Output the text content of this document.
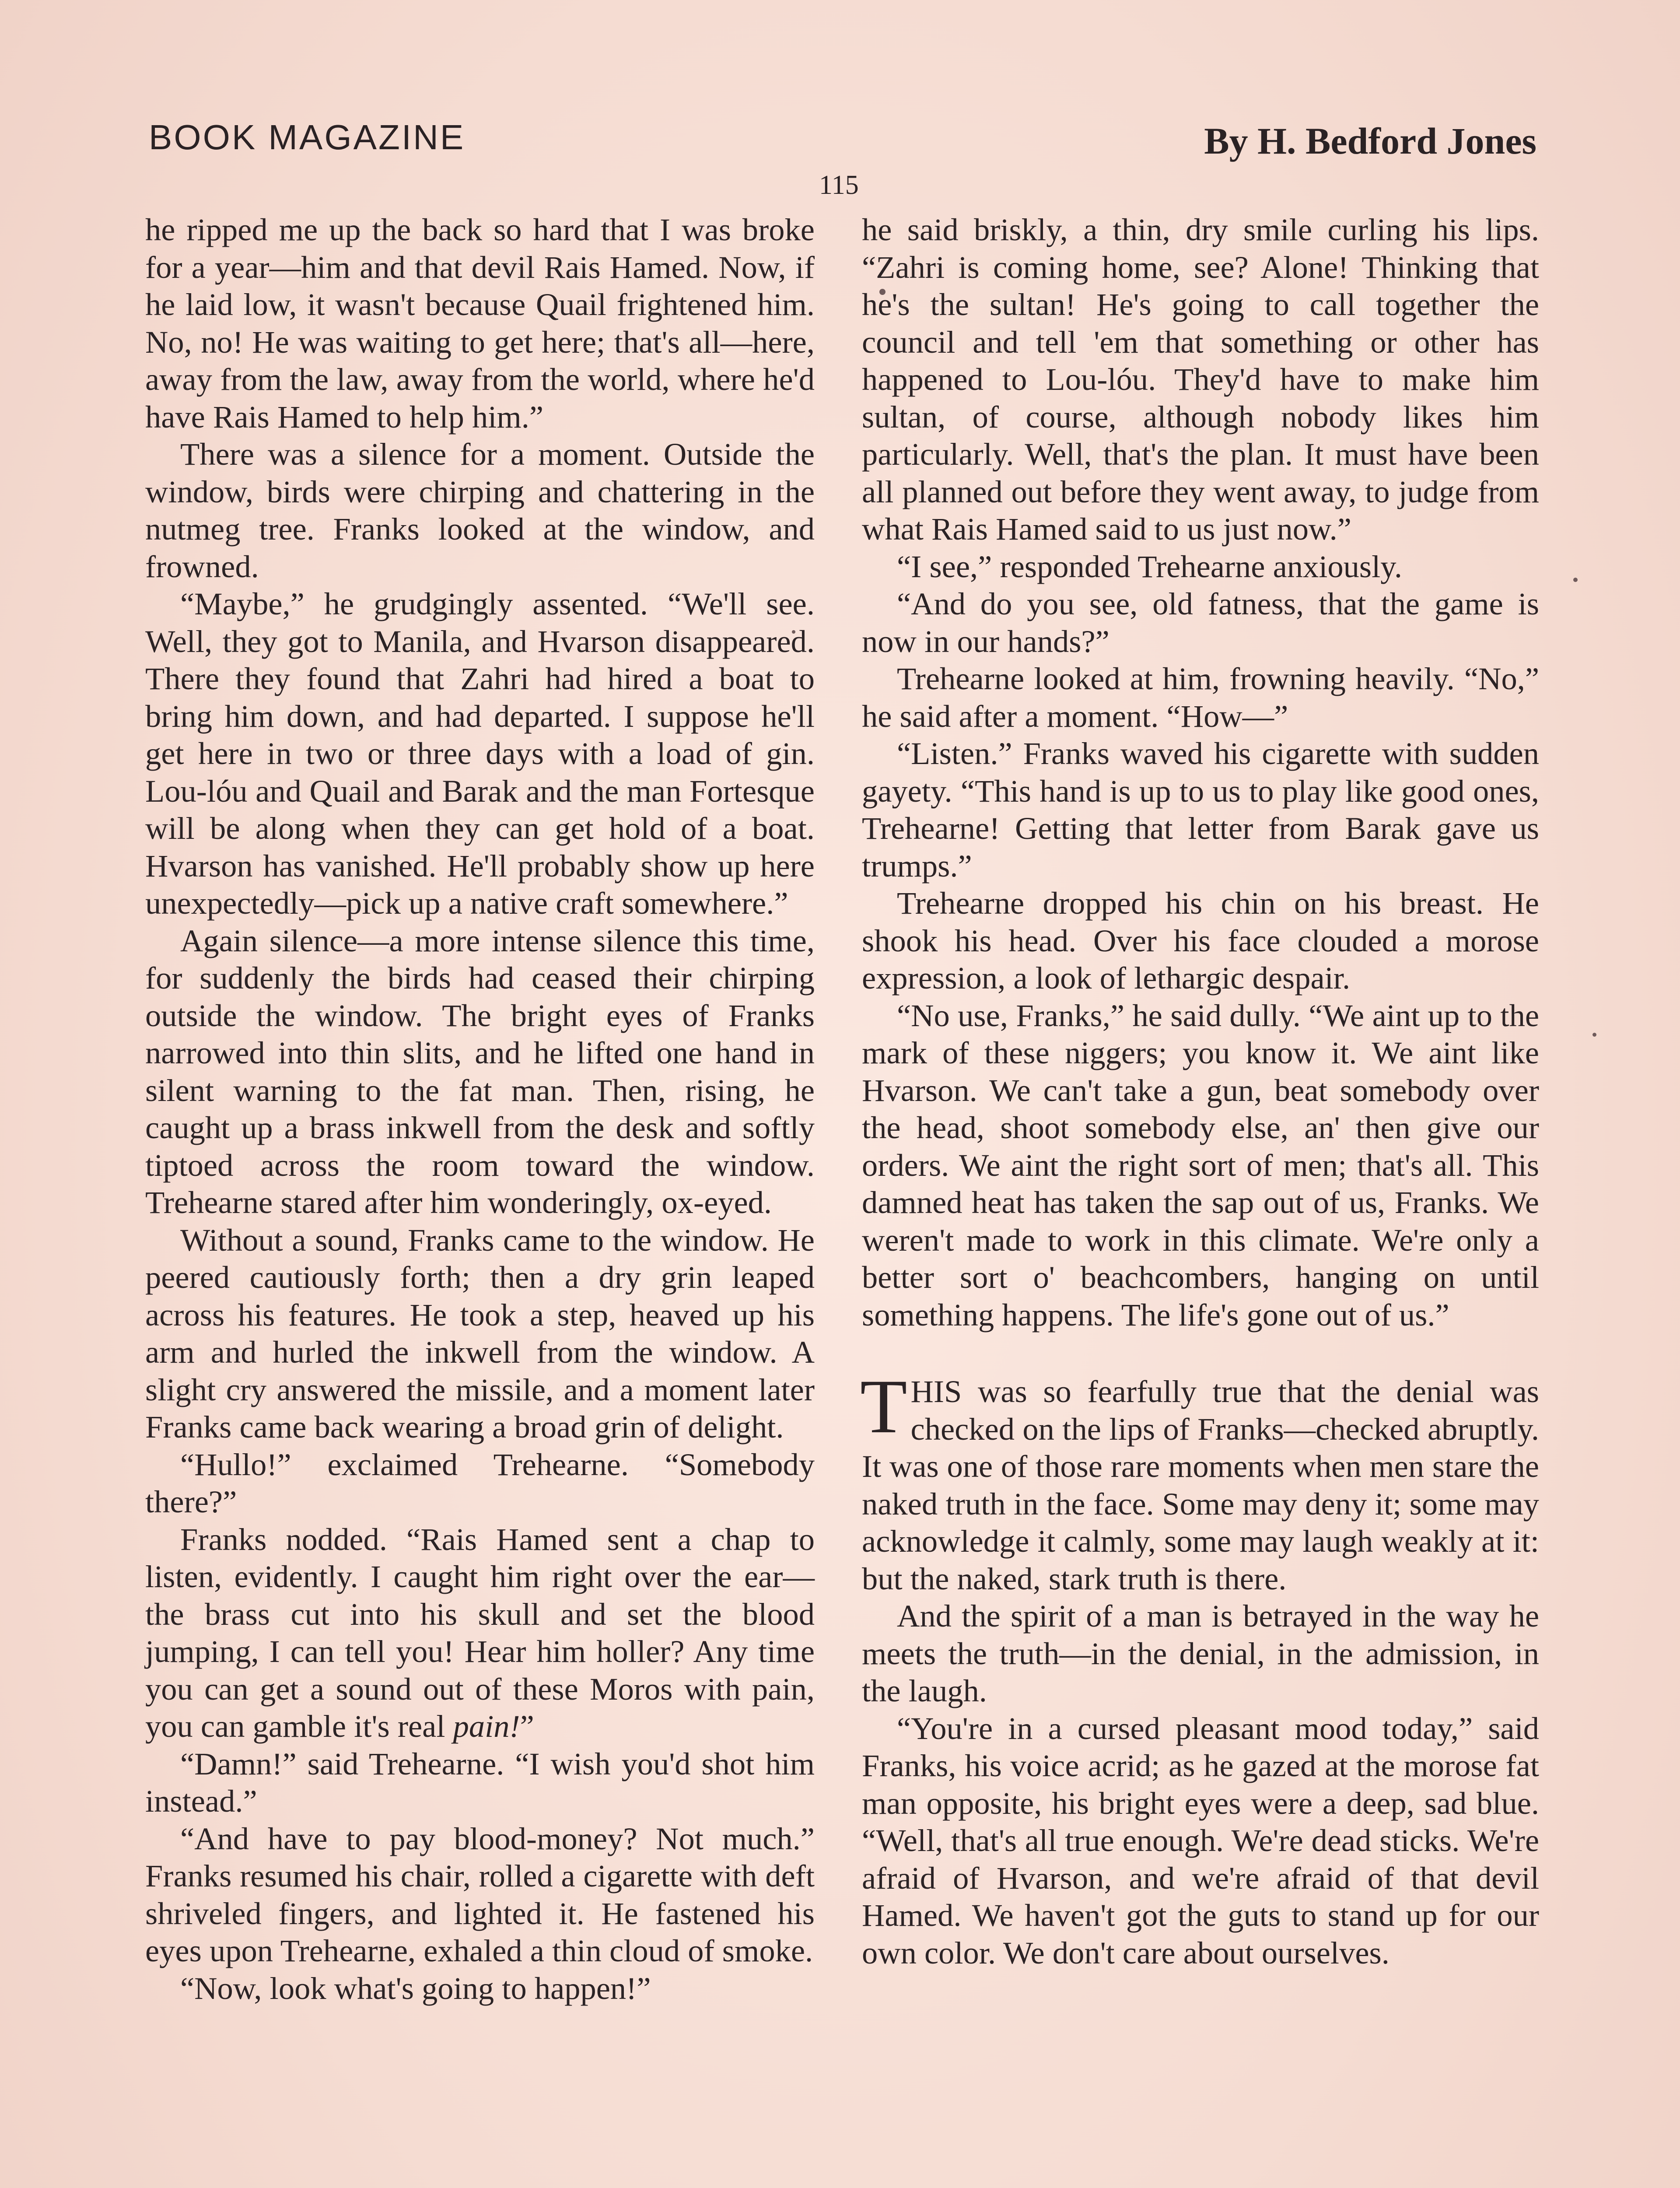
BOOK MAGAZINE	By H. Bedford Jones
115

he ripped me up the back so hard that I was broke for a year—him and that devil Rais Hamed. Now, if he laid low, it wasn't because Quail frightened him. No, no! He was waiting to get here; that's all—here, away from the law, away from the world, where he'd have Rais Hamed to help him.”

There was a silence for a moment. Outside the window, birds were chirping and chattering in the nutmeg tree. Franks looked at the window, and frowned.

“Maybe,” he grudgingly assented. “We'll see. Well, they got to Manila, and Hvarson disappeared. There they found that Zahri had hired a boat to bring him down, and had departed. I suppose he'll get here in two or three days with a load of gin. Lou-lóu and Quail and Barak and the man Fortesque will be along when they can get hold of a boat. Hvarson has vanished. He'll probably show up here unexpectedly—pick up a native craft somewhere.”

Again silence—a more intense silence this time, for suddenly the birds had ceased their chirping outside the window. The bright eyes of Franks narrowed into thin slits, and he lifted one hand in silent warning to the fat man. Then, rising, he caught up a brass inkwell from the desk and softly tiptoed across the room toward the window. Trehearne stared after him wonderingly, ox-eyed.

Without a sound, Franks came to the window. He peered cautiously forth; then a dry grin leaped across his features. He took a step, heaved up his arm and hurled the inkwell from the window. A slight cry answered the missile, and a moment later Franks came back wearing a broad grin of delight.

“Hullo!” exclaimed Trehearne. “Somebody there?”

Franks nodded. “Rais Hamed sent a chap to listen, evidently. I caught him right over the ear—the brass cut into his skull and set the blood jumping, I can tell you! Hear him holler? Any time you can get a sound out of these Moros with pain, you can gamble it's real pain!”

“Damn!” said Trehearne. “I wish you'd shot him instead.”

“And have to pay blood-money? Not much.” Franks resumed his chair, rolled a cigarette with deft shriveled fingers, and lighted it. He fastened his eyes upon Trehearne, exhaled a thin cloud of smoke.

“Now, look what's going to happen!”

he said briskly, a thin, dry smile curling his lips. “Zahri is coming home, see? Alone! Thinking that he's the sultan! He's going to call together the council and tell 'em that something or other has happened to Lou-lóu. They'd have to make him sultan, of course, although nobody likes him particularly. Well, that's the plan. It must have been all planned out before they went away, to judge from what Rais Hamed said to us just now.”

“I see,” responded Trehearne anxiously.

“And do you see, old fatness, that the game is now in our hands?”

Trehearne looked at him, frowning heavily. “No,” he said after a moment. “How—”

“Listen.” Franks waved his cigarette with sudden gayety. “This hand is up to us to play like good ones, Trehearne! Getting that letter from Barak gave us trumps.”

Trehearne dropped his chin on his breast. He shook his head. Over his face clouded a morose expression, a look of lethargic despair.

“No use, Franks,” he said dully. “We aint up to the mark of these niggers; you know it. We aint like Hvarson. We can't take a gun, beat somebody over the head, shoot somebody else, an' then give our orders. We aint the right sort of men; that's all. This damned heat has taken the sap out of us, Franks. We weren't made to work in this climate. We're only a better sort o' beachcombers, hanging on until something happens. The life's gone out of us.”

THIS was so fearfully true that the denial was checked on the lips of Franks—checked abruptly. It was one of those rare moments when men stare the naked truth in the face. Some may deny it; some may acknowledge it calmly, some may laugh weakly at it: but the naked, stark truth is there.

And the spirit of a man is betrayed in the way he meets the truth—in the denial, in the admission, in the laugh.

“You're in a cursed pleasant mood today,” said Franks, his voice acrid; as he gazed at the morose fat man opposite, his bright eyes were a deep, sad blue. “Well, that's all true enough. We're dead sticks. We're afraid of Hvarson, and we're afraid of that devil Hamed. We haven't got the guts to stand up for our own color. We don't care about ourselves.
